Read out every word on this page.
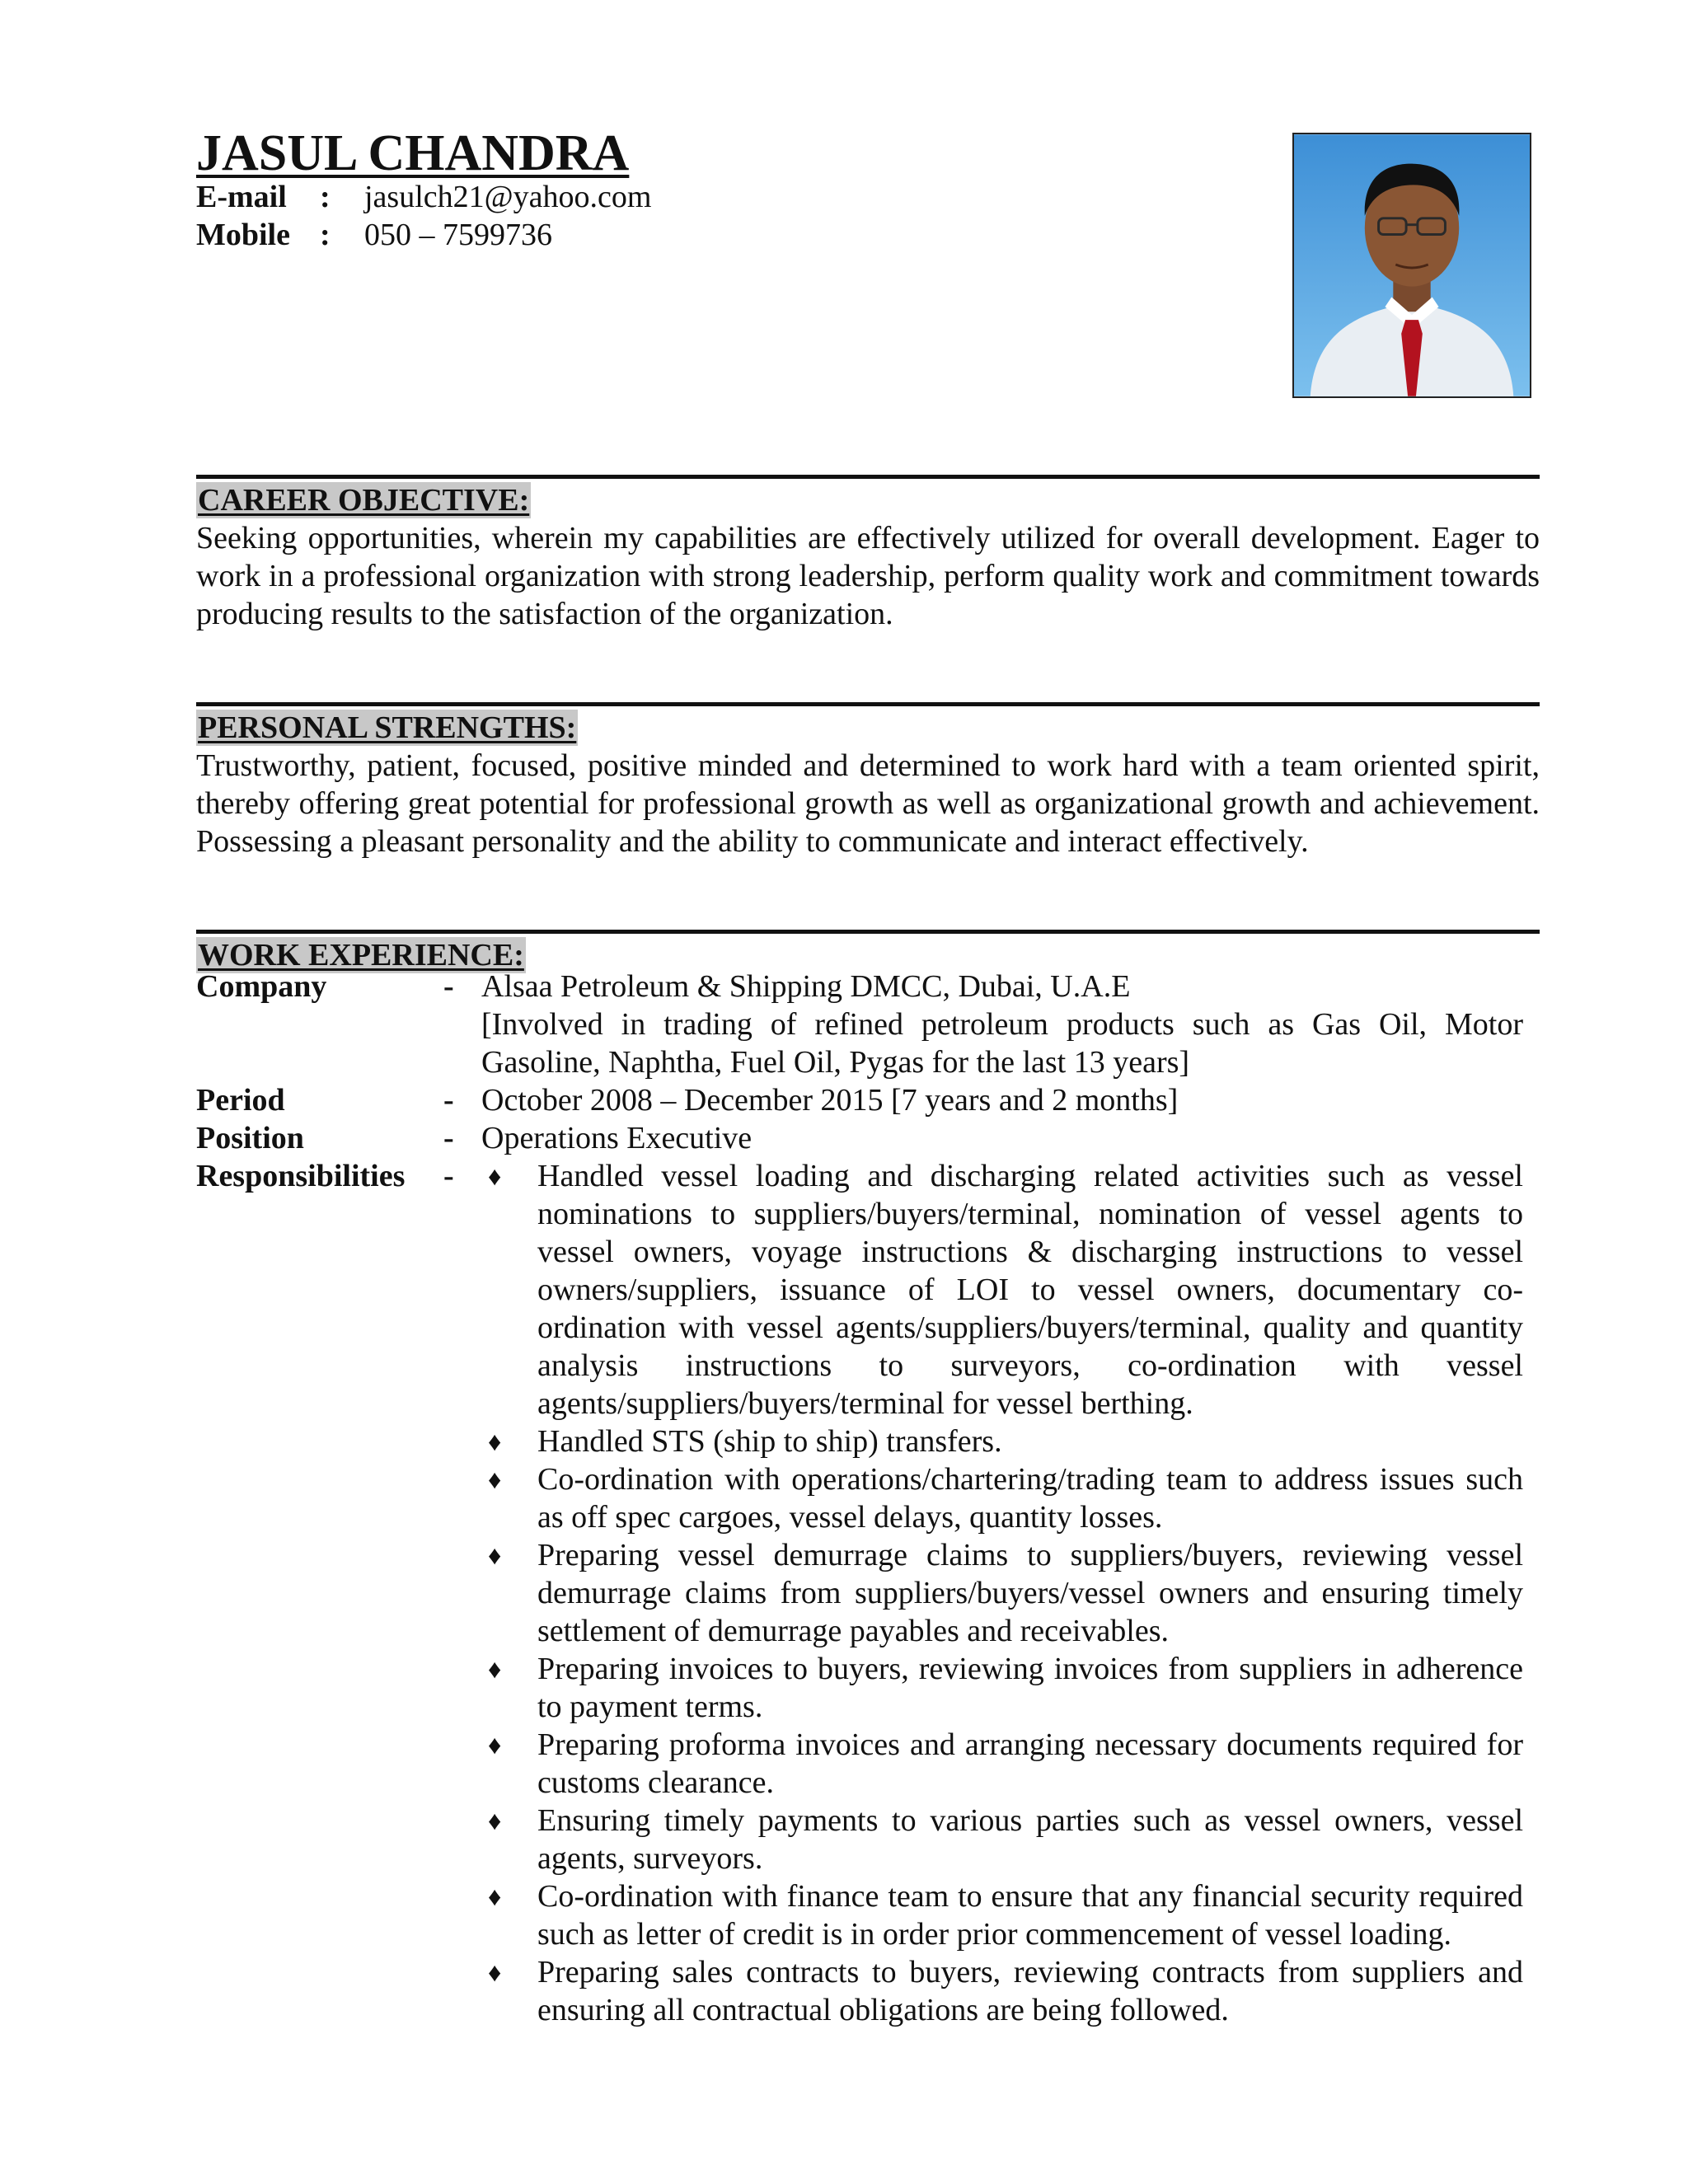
JASUL CHANDRA
E-mail	:	jasulch21@yahoo.com
Mobile :	050 – 7599736
CAREER OBJECTIVE:

Seeking opportunities, wherein my capabilities are effectively utilized for overall development. Eager to work in a professional organization with strong leadership, perform quality work and commitment towards producing results to the satisfaction of the organization.

PERSONAL STRENGTHS:

Trustworthy, patient, focused, positive minded and determined to work hard with a team oriented spirit, thereby offering great potential for professional growth as well as organizational growth and achievement. Possessing a pleasant personality and the ability to communicate and interact effectively.

WORK EXPERIENCE:
Company	- Alsaa Petroleum & Shipping DMCC, Dubai, U.A.E
[Involved in trading of refined petroleum products such as Gas Oil, Motor Gasoline, Naphtha, Fuel Oil, Pygas for the last 13 years]
Period	- October 2008 – December 2015 [7 years and 2 months]
Position	- Operations Executive
Responsibilities	-	♦	Handled vessel loading and discharging related activities such as vessel nominations to suppliers/buyers/terminal, nomination of vessel agents to vessel owners, voyage instructions & discharging instructions to vessel owners/suppliers, issuance of LOI to vessel owners, documentary co-ordination with vessel agents/suppliers/buyers/terminal, quality and quantity analysis instructions to surveyors, co-ordination with vessel agents/suppliers/buyers/terminal for vessel berthing.
♦	Handled STS (ship to ship) transfers.
♦	Co-ordination with operations/chartering/trading team to address issues such as off spec cargoes, vessel delays, quantity losses.
♦	Preparing vessel demurrage claims to suppliers/buyers, reviewing vessel demurrage claims from suppliers/buyers/vessel owners and ensuring timely settlement of demurrage payables and receivables.
♦	Preparing invoices to buyers, reviewing invoices from suppliers in adherence to payment terms.
♦	Preparing proforma invoices and arranging necessary documents required for customs clearance.
♦	Ensuring timely payments to various parties such as vessel owners, vessel agents, surveyors.
♦	Co-ordination with finance team to ensure that any financial security required such as letter of credit is in order prior commencement of vessel loading.
♦	Preparing sales contracts to buyers, reviewing contracts from suppliers and ensuring all contractual obligations are being followed.
